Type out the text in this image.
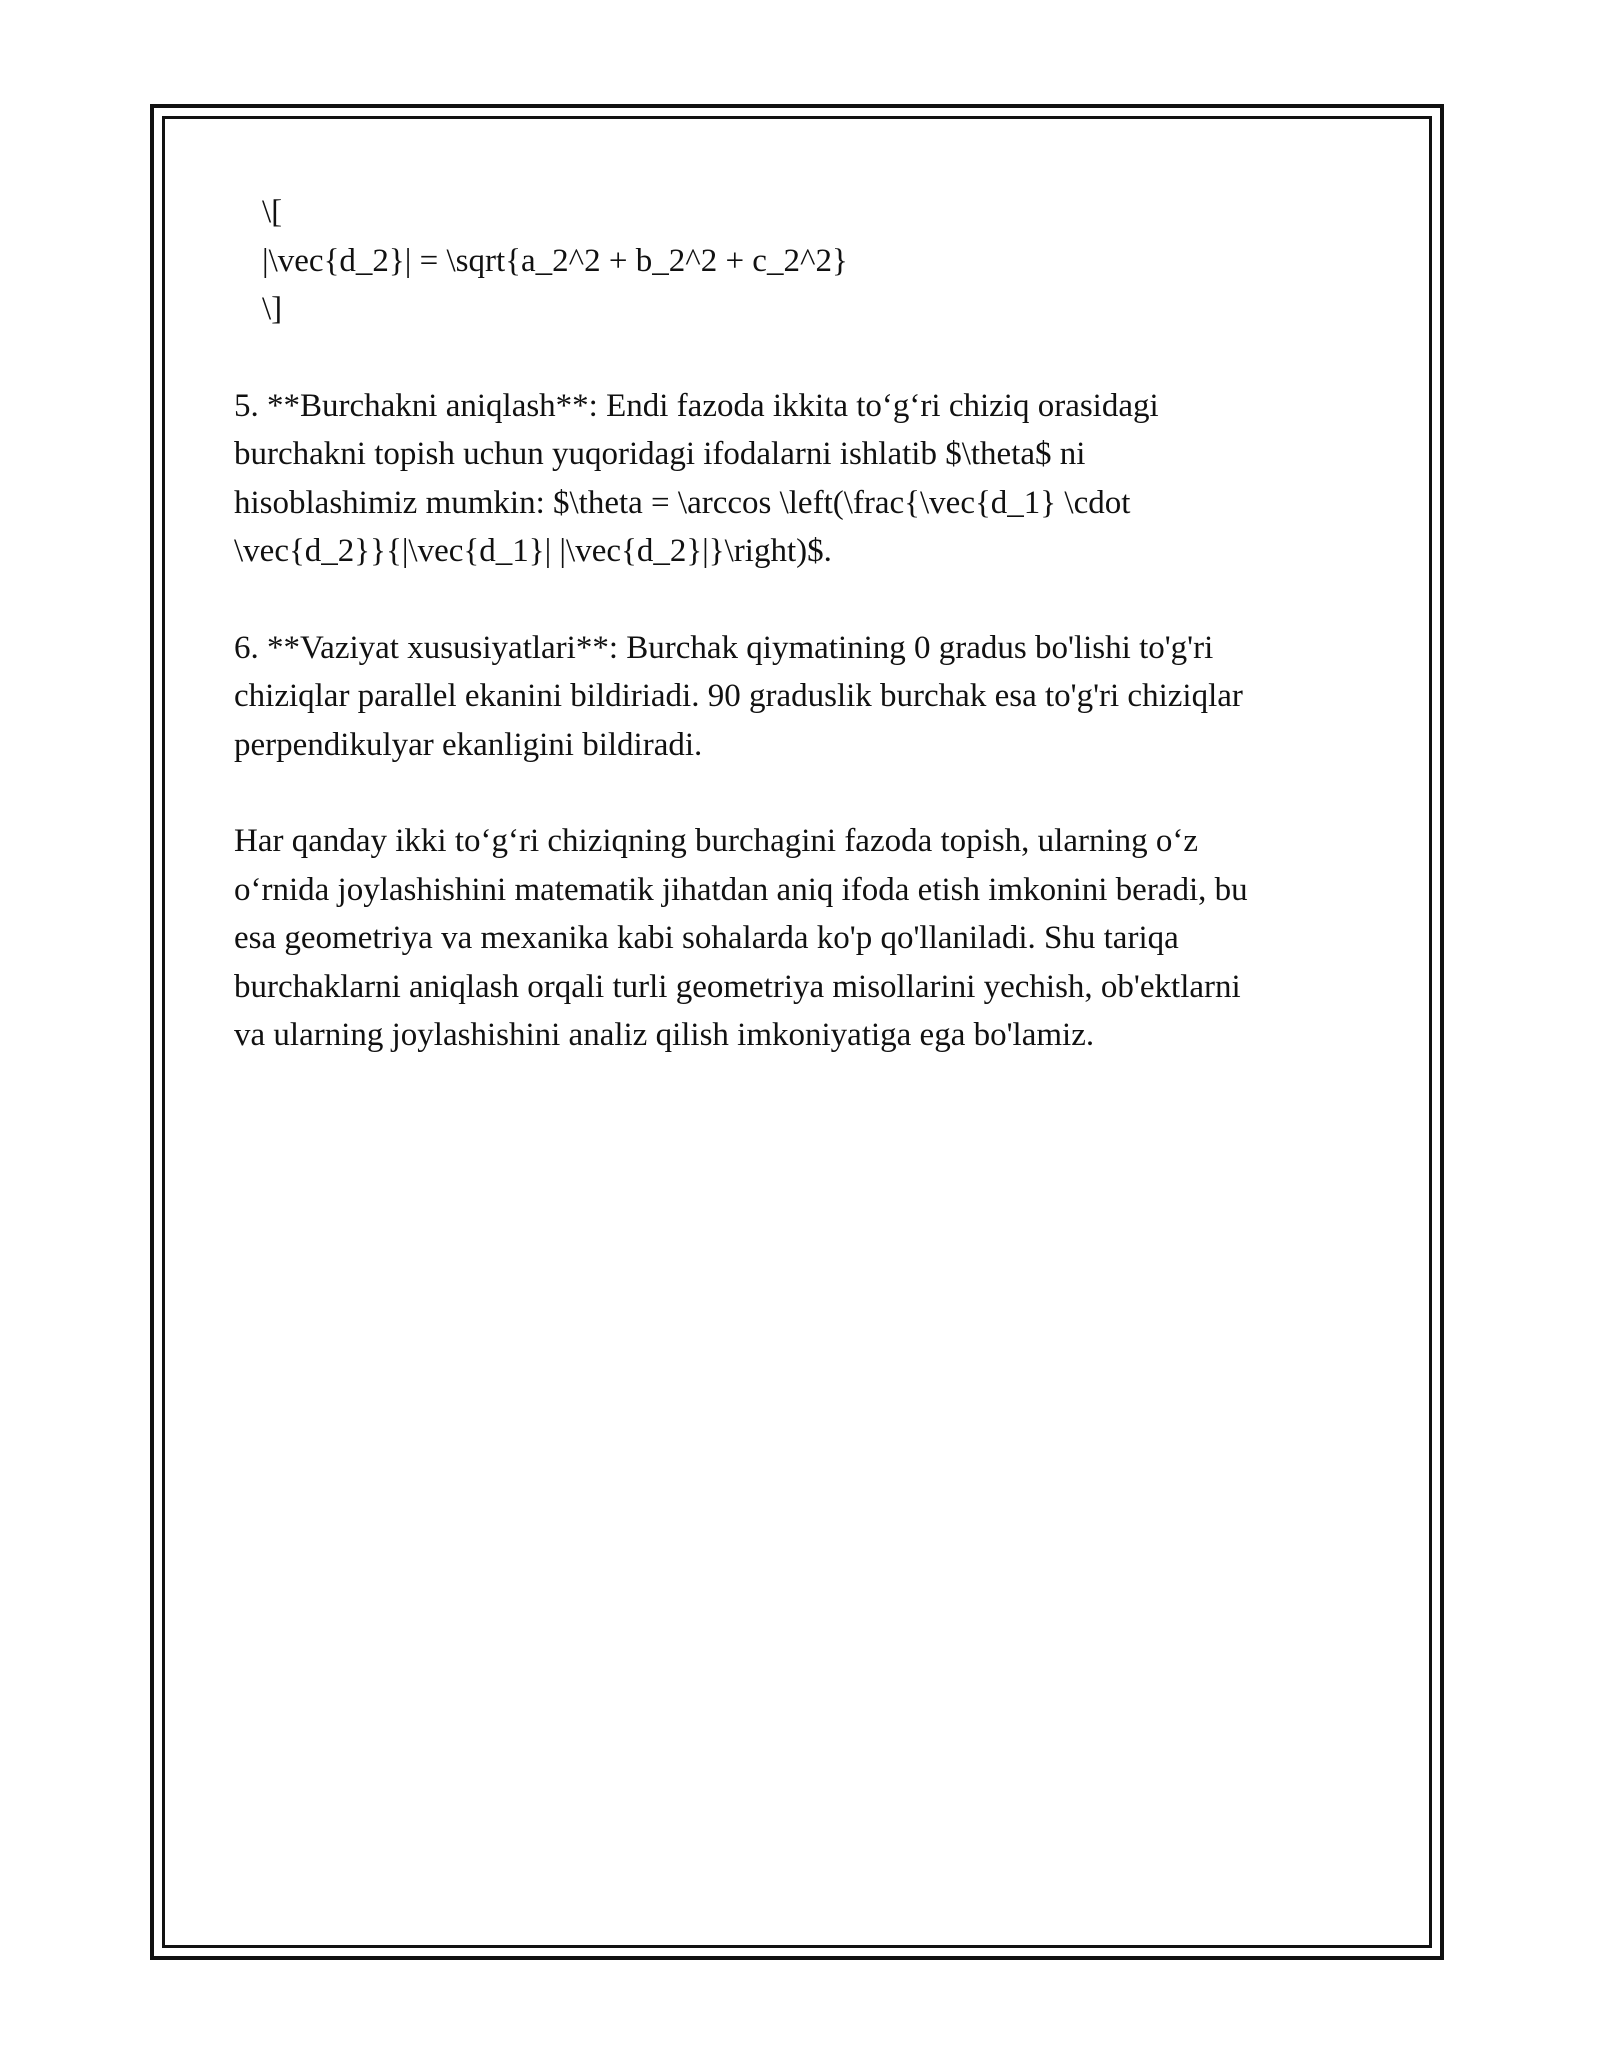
\[
|\vec{d_2}| = \sqrt{a_2^2 + b_2^2 + c_2^2}
\]

5. **Burchakni aniqlash**: Endi fazoda ikkita to‘g‘ri chiziq orasidagi
burchakni topish uchun yuqoridagi ifodalarni ishlatib $\theta$ ni
hisoblashimiz mumkin: $\theta = \arccos \left(\frac{\vec{d_1} \cdot
\vec{d_2}}{|\vec{d_1}| |\vec{d_2}|}\right)$.

6. **Vaziyat xususiyatlari**: Burchak qiymatining 0 gradus bo'lishi to'g'ri
chiziqlar parallel ekanini bildiriadi. 90 graduslik burchak esa to'g'ri chiziqlar
perpendikulyar ekanligini bildiradi.

Har qanday ikki to‘g‘ri chiziqning burchagini fazoda topish, ularning o‘z
o‘rnida joylashishini matematik jihatdan aniq ifoda etish imkonini beradi, bu
esa geometriya va mexanika kabi sohalarda ko'p qo'llaniladi. Shu tariqa
burchaklarni aniqlash orqali turli geometriya misollarini yechish, ob'ektlarni
va ularning joylashishini analiz qilish imkoniyatiga ega bo'lamiz.
